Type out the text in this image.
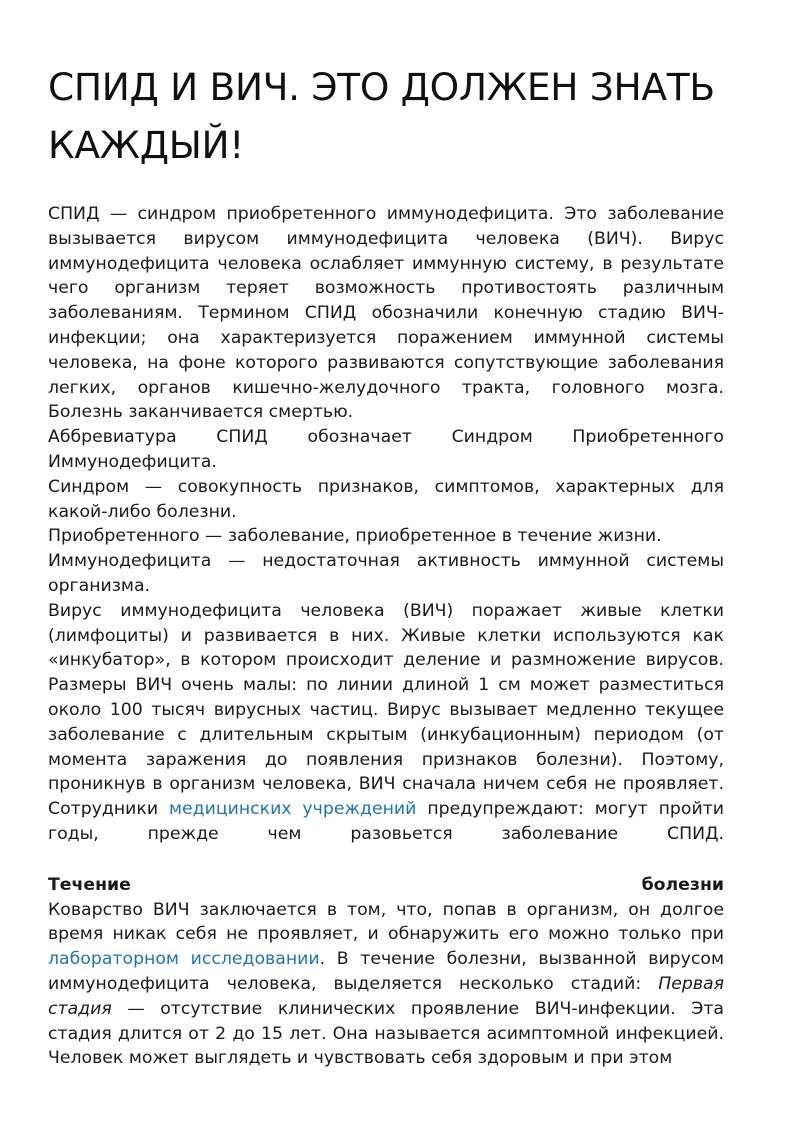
СПИД И ВИЧ. ЭТО ДОЛЖЕН ЗНАТЬ КАЖДЫЙ!

СПИД — синдром приобретенного иммунодефицита. Это заболевание вызывается вирусом иммунодефицита человека (ВИЧ). Вирус иммунодефицита человека ослабляет иммунную систему, в результате чего организм теряет возможность противостоять различным заболеваниям. Термином СПИД обозначили конечную стадию ВИЧ-инфекции; она характеризуется поражением иммунной системы человека, на фоне которого развиваются сопутствующие заболевания легких, органов кишечно-желудочного тракта, головного мозга. Болезнь заканчивается смертью.

Аббревиатура СПИД обозначает Синдром Приобретенного Иммунодефицита.

Синдром — совокупность признаков, симптомов, характерных для какой-либо болезни.

Приобретенного — заболевание, приобретенное в течение жизни.

Иммунодефицита — недостаточная активность иммунной системы организма.

Вирус иммунодефицита человека (ВИЧ) поражает живые клетки (лимфоциты) и развивается в них. Живые клетки используются как «инкубатор», в котором происходит деление и размножение вирусов. Размеры ВИЧ очень малы: по линии длиной 1 см может разместиться около 100 тысяч вирусных частиц. Вирус вызывает медленно текущее заболевание с длительным скрытым (инкубационным) периодом (от момента заражения до появления признаков болезни). Поэтому, проникнув в организм человека, ВИЧ сначала ничем себя не проявляет. Сотрудники медицинских учреждений предупреждают: могут пройти годы, прежде чем разовьется заболевание СПИД.

Течение болезни

Коварство ВИЧ заключается в том, что, попав в организм, он долгое время никак себя не проявляет, и обнаружить его можно только при лабораторном исследовании. В течение болезни, вызванной вирусом иммунодефицита человека, выделяется несколько стадий: Первая стадия — отсутствие клинических проявление ВИЧ-инфекции. Эта стадия длится от 2 до 15 лет. Она называется асимптомной инфекцией. Человек может выглядеть и чувствовать себя здоровым и при этом
